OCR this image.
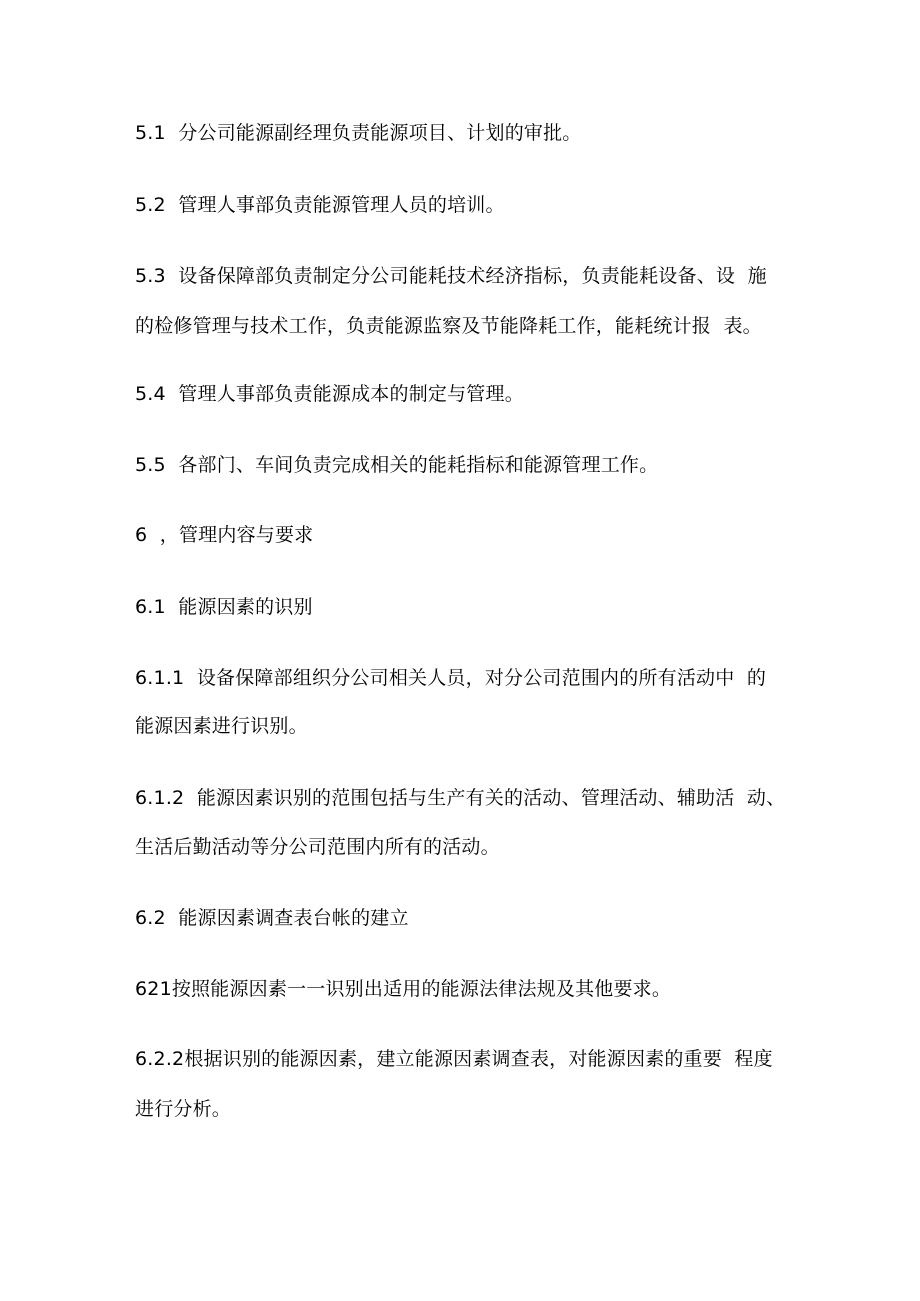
5.1  分公司能源副经理负责能源项目、计划的审批。
5.2  管理人事部负责能源管理人员的培训。
5.3  设备保障部负责制定分公司能耗技术经济指标，负责能耗设备、设  施
的检修管理与技术工作，负责能源监察及节能降耗工作，能耗统计报  表。
5.4  管理人事部负责能源成本的制定与管理。
5.5  各部门、车间负责完成相关的能耗指标和能源管理工作。
6  ，管理内容与要求
6.1  能源因素的识别
6.1.1  设备保障部组织分公司相关人员，对分公司范围内的所有活动中  的
能源因素进行识别。
6.1.2  能源因素识别的范围包括与生产有关的活动、管理活动、辅助活  动、
生活后勤活动等分公司范围内所有的活动。
6.2  能源因素调查表台帐的建立
621按照能源因素一一识别出适用的能源法律法规及其他要求。
6.2.2根据识别的能源因素，建立能源因素调查表，对能源因素的重要  程度
进行分析。
